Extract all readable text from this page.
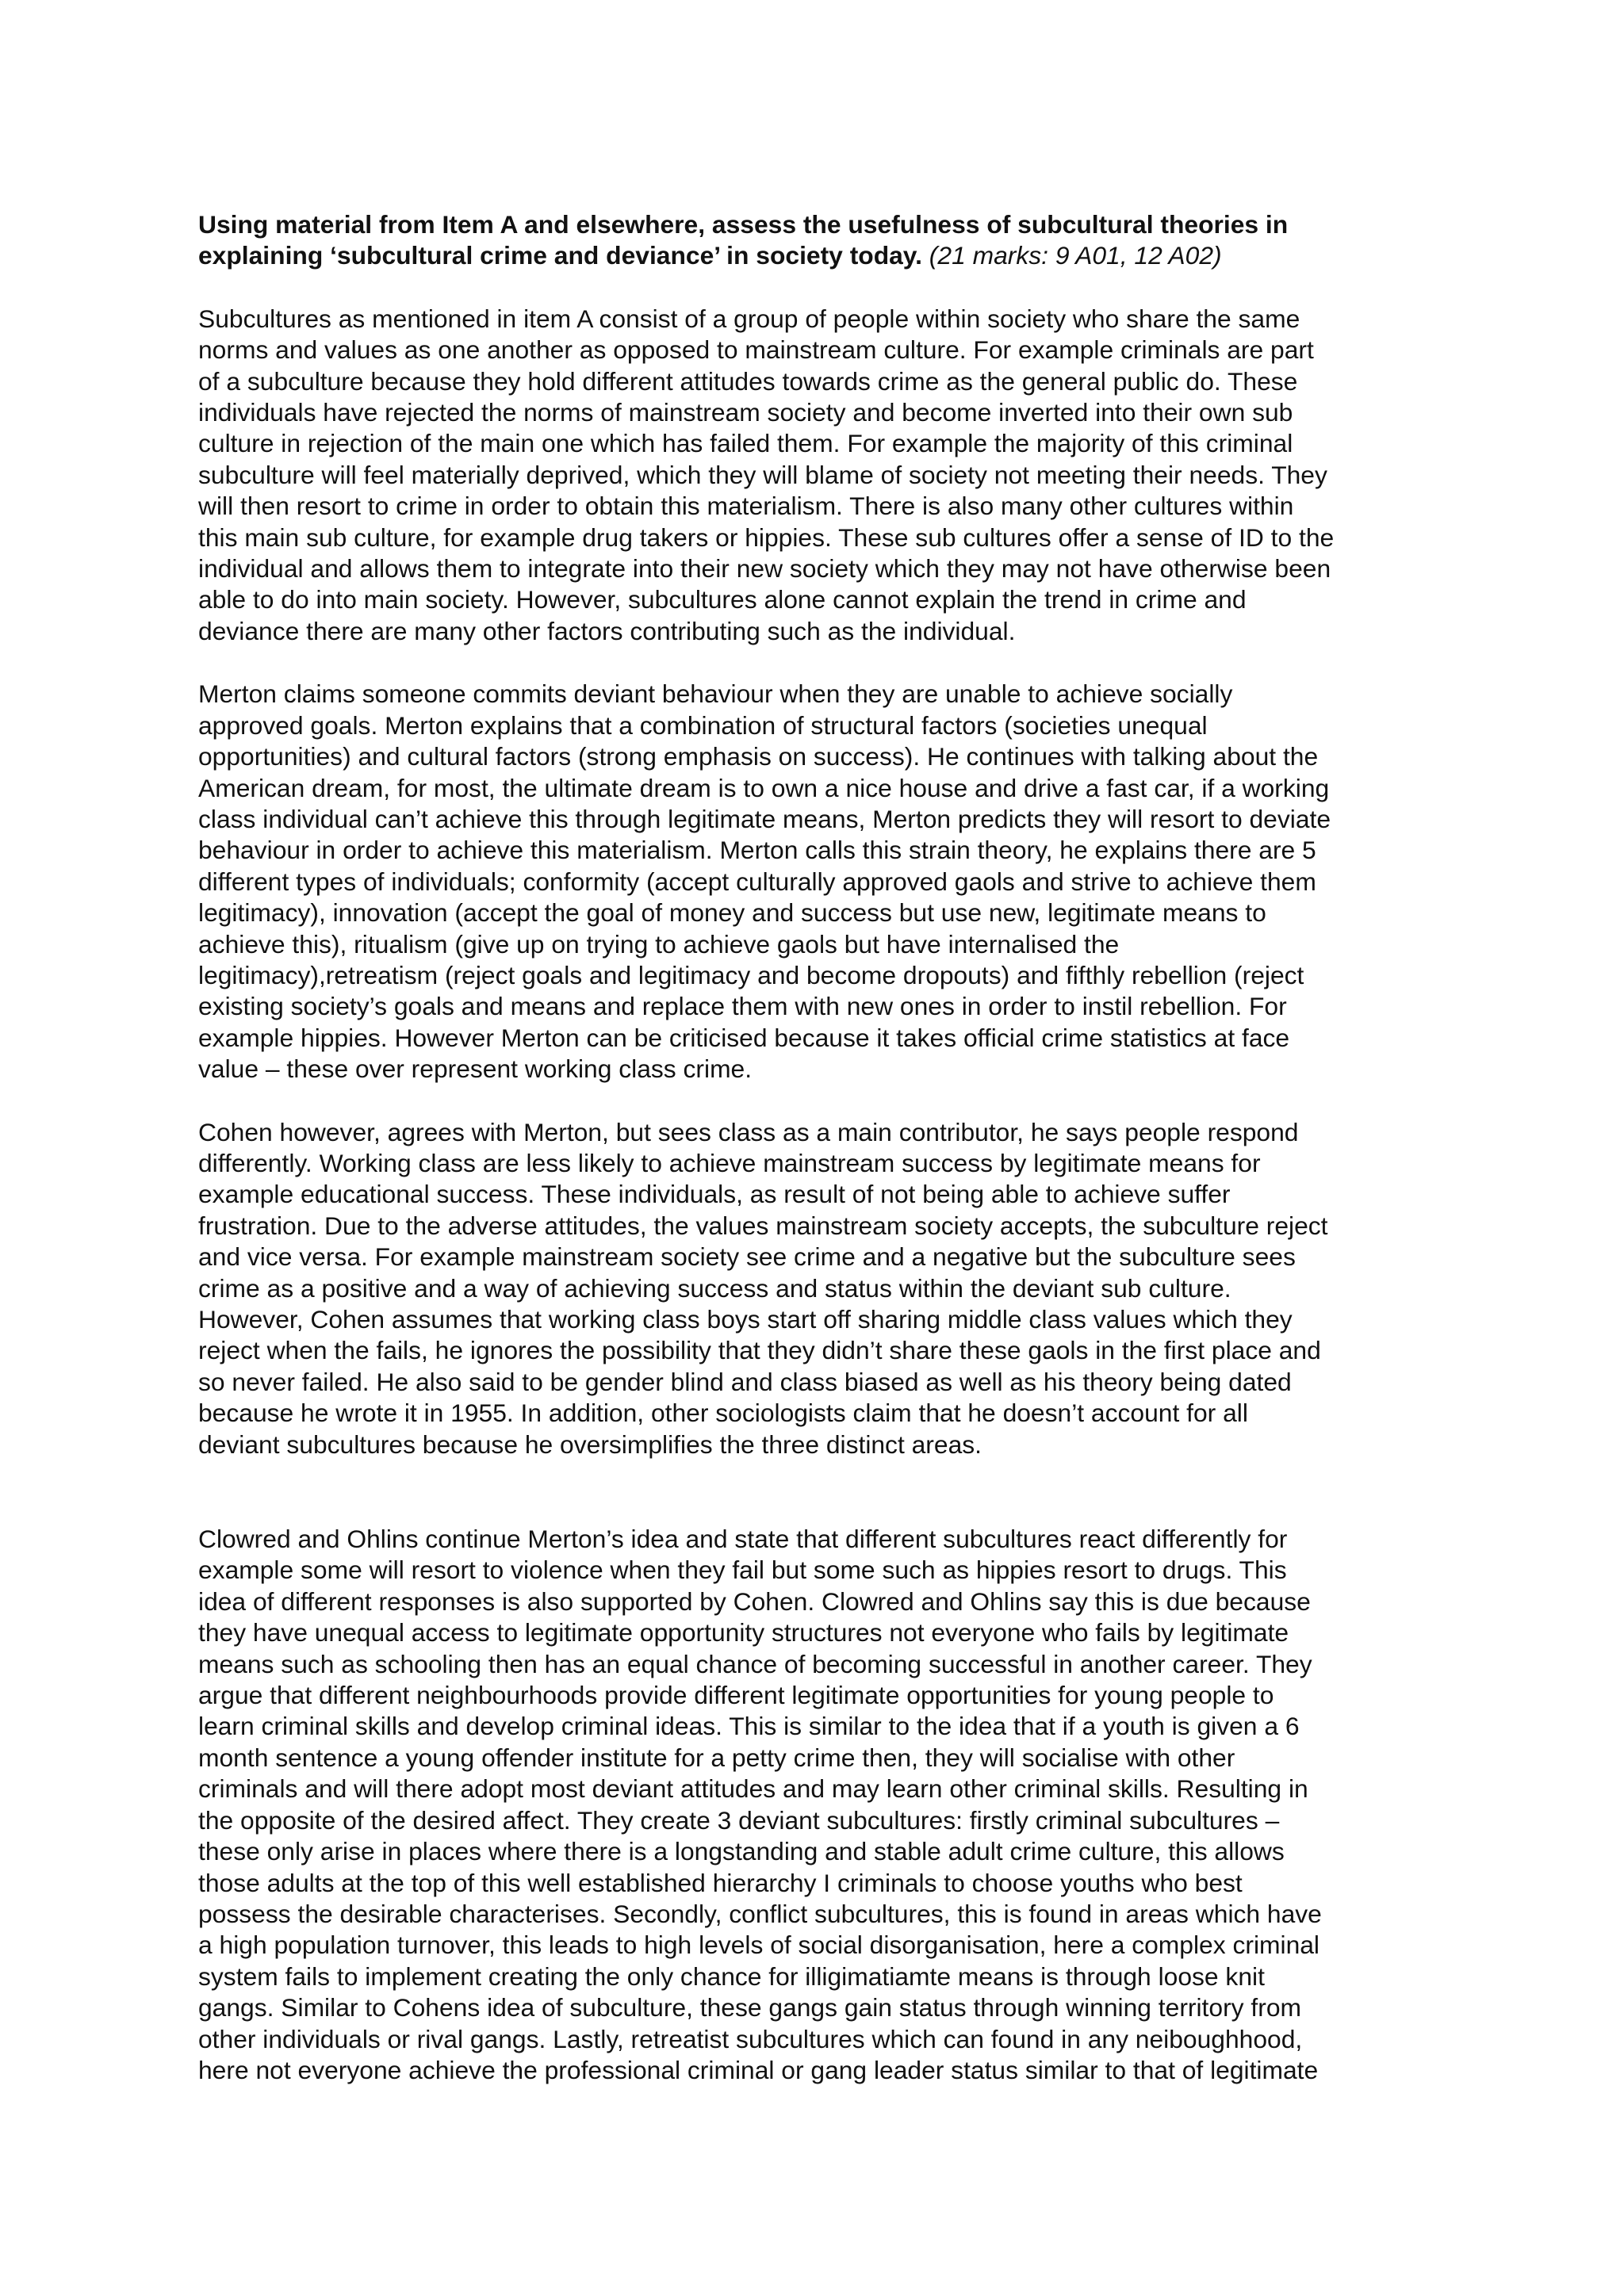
Using material from Item A and elsewhere, assess the usefulness of subcultural theories in
explaining ‘subcultural crime and deviance’ in society today. (21 marks: 9 A01, 12 A02)

Subcultures as mentioned in item A consist of a group of people within society who share the same
norms and values as one another as opposed to mainstream culture. For example criminals are part
of a subculture because they hold different attitudes towards crime as the general public do. These
individuals have rejected the norms of mainstream society and become inverted into their own sub
culture in rejection of the main one which has failed them. For example the majority of this criminal
subculture will feel materially deprived, which they will blame of society not meeting their needs. They
will then resort to crime in order to obtain this materialism. There is also many other cultures within
this main sub culture, for example drug takers or hippies. These sub cultures offer a sense of ID to the
individual and allows them to integrate into their new society which they may not have otherwise been
able to do into main society. However, subcultures alone cannot explain the trend in crime and
deviance there are many other factors contributing such as the individual.

Merton claims someone commits deviant behaviour when they are unable to achieve socially
approved goals. Merton explains that a combination of structural factors (societies unequal
opportunities) and cultural factors (strong emphasis on success). He continues with talking about the
American dream, for most, the ultimate dream is to own a nice house and drive a fast car, if a working
class individual can’t achieve this through legitimate means, Merton predicts they will resort to deviate
behaviour in order to achieve this materialism. Merton calls this strain theory, he explains there are 5
different types of individuals; conformity (accept culturally approved gaols and strive to achieve them
legitimacy), innovation (accept the goal of money and success but use new, legitimate means to
achieve this), ritualism (give up on trying to achieve gaols but have internalised the
legitimacy),retreatism (reject goals and legitimacy and become dropouts) and fifthly rebellion (reject
existing society’s goals and means and replace them with new ones in order to instil rebellion. For
example hippies. However Merton can be criticised because it takes official crime statistics at face
value – these over represent working class crime.

Cohen however, agrees with Merton, but sees class as a main contributor, he says people respond
differently. Working class are less likely to achieve mainstream success by legitimate means for
example educational success. These individuals, as result of not being able to achieve suffer
frustration. Due to the adverse attitudes, the values mainstream society accepts, the subculture reject
and vice versa. For example mainstream society see crime and a negative but the subculture sees
crime as a positive and a way of achieving success and status within the deviant sub culture.
However, Cohen assumes that working class boys start off sharing middle class values which they
reject when the fails, he ignores the possibility that they didn’t share these gaols in the first place and
so never failed. He also said to be gender blind and class biased as well as his theory being dated
because he wrote it in 1955. In addition, other sociologists claim that he doesn’t account for all
deviant subcultures because he oversimplifies the three distinct areas.

Clowred and Ohlins continue Merton’s idea and state that different subcultures react differently for
example some will resort to violence when they fail but some such as hippies resort to drugs. This
idea of different responses is also supported by Cohen. Clowred and Ohlins say this is due because
they have unequal access to legitimate opportunity structures not everyone who fails by legitimate
means such as schooling then has an equal chance of becoming successful in another career. They
argue that different neighbourhoods provide different legitimate opportunities for young people to
learn criminal skills and develop criminal ideas. This is similar to the idea that if a youth is given a 6
month sentence a young offender institute for a petty crime then, they will socialise with other
criminals and will there adopt most deviant attitudes and may learn other criminal skills. Resulting in
the opposite of the desired affect. They create 3 deviant subcultures: firstly criminal subcultures –
these only arise in places where there is a longstanding and stable adult crime culture, this allows
those adults at the top of this well established hierarchy I criminals to choose youths who best
possess the desirable characterises. Secondly, conflict subcultures, this is found in areas which have
a high population turnover, this leads to high levels of social disorganisation, here a complex criminal
system fails to implement creating the only chance for illigimatiamte means is through loose knit
gangs. Similar to Cohens idea of subculture, these gangs gain status through winning territory from
other individuals or rival gangs. Lastly, retreatist subcultures which can found in any neiboughhood,
here not everyone achieve the professional criminal or gang leader status similar to that of legitimate
